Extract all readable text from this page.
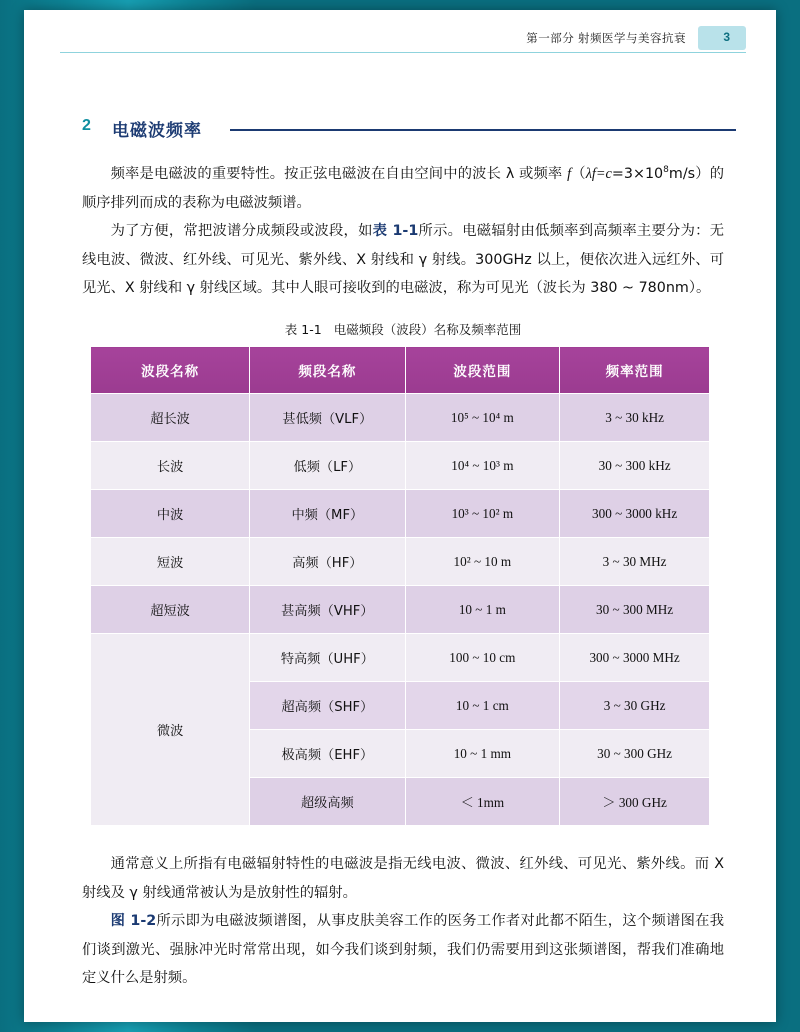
第一部分 射频医学与美容抗衰	3
2 电磁波频率

频率是电磁波的重要特性。按正弦电磁波在自由空间中的波长 λ 或频率 $f(\lambda f=c=3\times 10^8m/s)$的顺序排列而成的表称为电磁波频谱。

为了方便，常把波谱分成频段或波段，如表 1-1所示。电磁辐射由低频率到高频率主要分为：无线电波、微波、红外线、可见光、紫外线、X 射线和 γ 射线。300GHz 以上，便依次进入远红外、可见光、X 射线和 γ 射线区域。其中人眼可接收到的电磁波，称为可见光（波长为 380 ~ 780nm）。

表 1-1 电磁频段（波段）名称及频率范围
波段名称	频段名称	波段范围	频率范围
超长波	甚低频（VLF）	10⁵ ~ 10⁴ m	3 ~ 30 kHz
长波	低频（LF）	10⁴ ~ 10³ m	30 ~ 300 kHz
中波	中频（MF）	10³ ~ 10² m	300 ~ 3000 kHz
短波	高频（HF）	10² ~ 10 m	3 ~ 30 MHz
超短波	甚高频（VHF）	10 ~ 1 m	30 ~ 300 MHz
微波	特高频（UHF）	100 ~ 10 cm	300 ~ 3000 MHz
	超高频（SHF）	10 ~ 1 cm	3 ~ 30 GHz
	极高频（EHF）	10 ~ 1 mm	30 ~ 300 GHz
	超级高频	＜ 1mm	＞ 300 GHz

通常意义上所指有电磁辐射特性的电磁波是指无线电波、微波、红外线、可见光、紫外线。而 X 射线及 γ 射线通常被认为是放射性的辐射。

图 1-2所示即为电磁波频谱图，从事皮肤美容工作的医务工作者对此都不陌生，这个频谱图在我们谈到激光、强脉冲光时常常出现，如今我们谈到射频，我们仍需要用到这张频谱图，帮我们准确地定义什么是射频。
